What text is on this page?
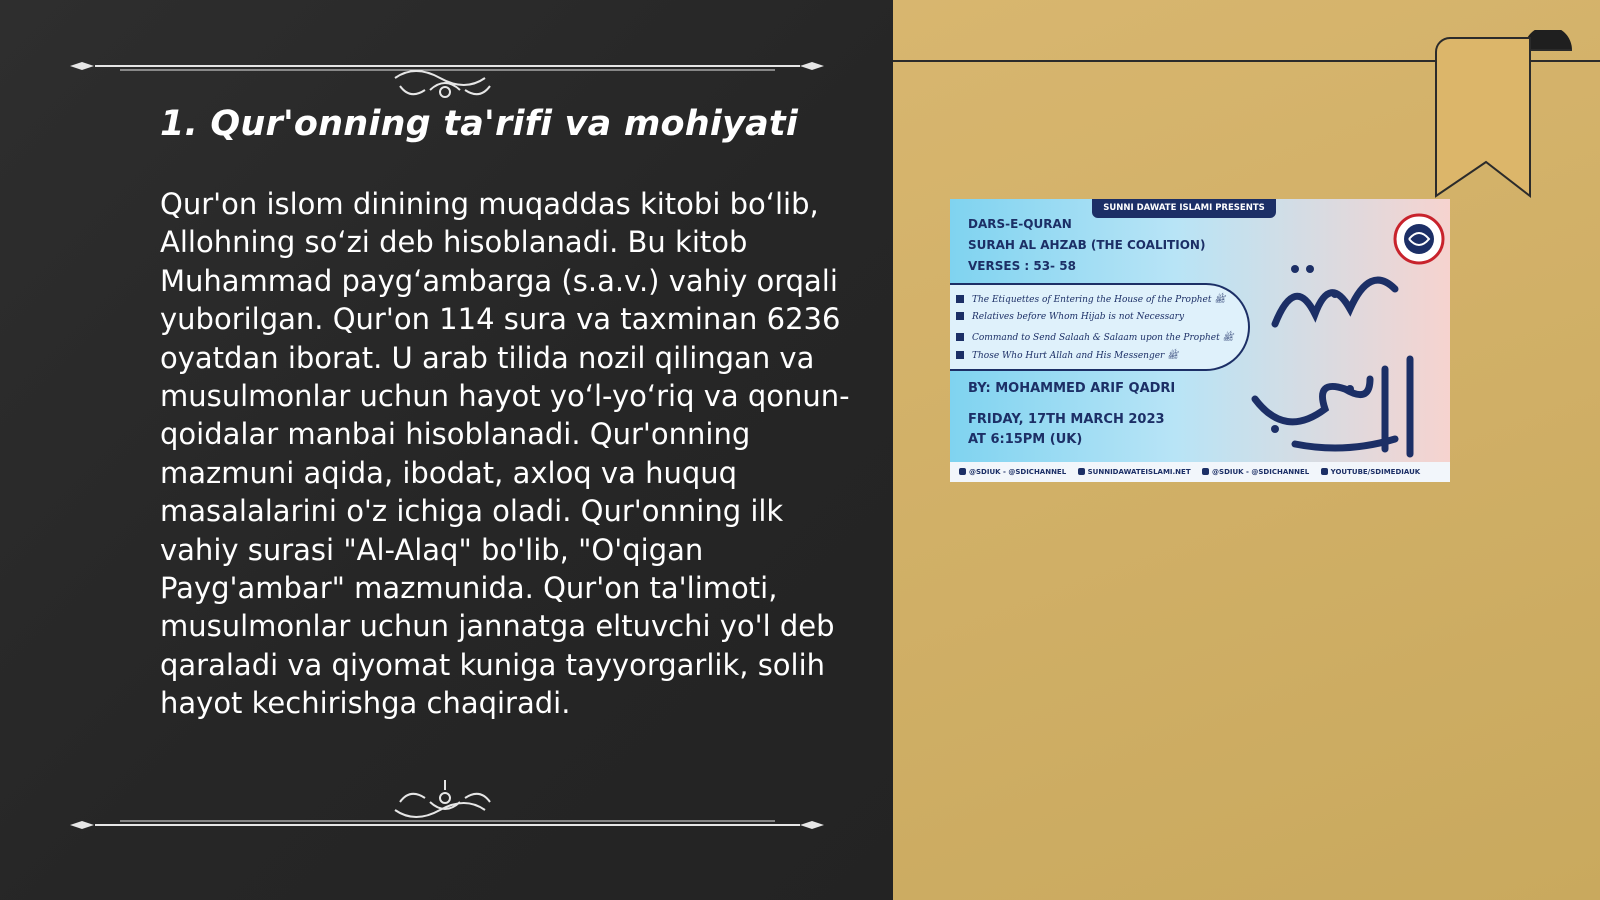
1. Qur'onning ta'rifi va mohiyati

Qur'on islom dinining muqaddas kitobi bo‘lib, Allohning so‘zi deb hisoblanadi. Bu kitob Muhammad payg‘ambarga (s.a.v.) vahiy orqali yuborilgan. Qur'on 114 sura va taxminan 6236 oyatdan iborat. U arab tilida nozil qilingan va musulmonlar uchun hayot yo‘l-yo‘riq va qonun-qoidalar manbai hisoblanadi. Qur'onning mazmuni aqida, ibodat, axloq va huquq masalalarini o'z ichiga oladi. Qur'onning ilk vahiy surasi "Al-Alaq" bo'lib, "O'qigan Payg'ambar" mazmunida. Qur'on ta'limoti, musulmonlar uchun jannatga eltuvchi yo'l deb qaraladi va qiyomat kuniga tayyorgarlik, solih hayot kechirishga chaqiradi.

SUNNI DAWATE ISLAMI PRESENTS
DARS-E-QURAN
SURAH AL AHZAB (THE COALITION)
VERSES : 53- 58
The Etiquettes of Entering the House of the Prophet ﷺ
Relatives before Whom Hijab is not Necessary
Command to Send Salaah & Salaam upon the Prophet ﷺ
Those Who Hurt Allah and His Messenger ﷺ
BY: MOHAMMED ARIF QADRI
FRIDAY, 17TH MARCH 2023
AT 6:15PM (UK)
@SDIUK - @SDICHANNEL	SUNNIDAWATEISLAMI.NET	@SDIUK - @SDICHANNEL	YOUTUBE/SDIMEDIAUK
